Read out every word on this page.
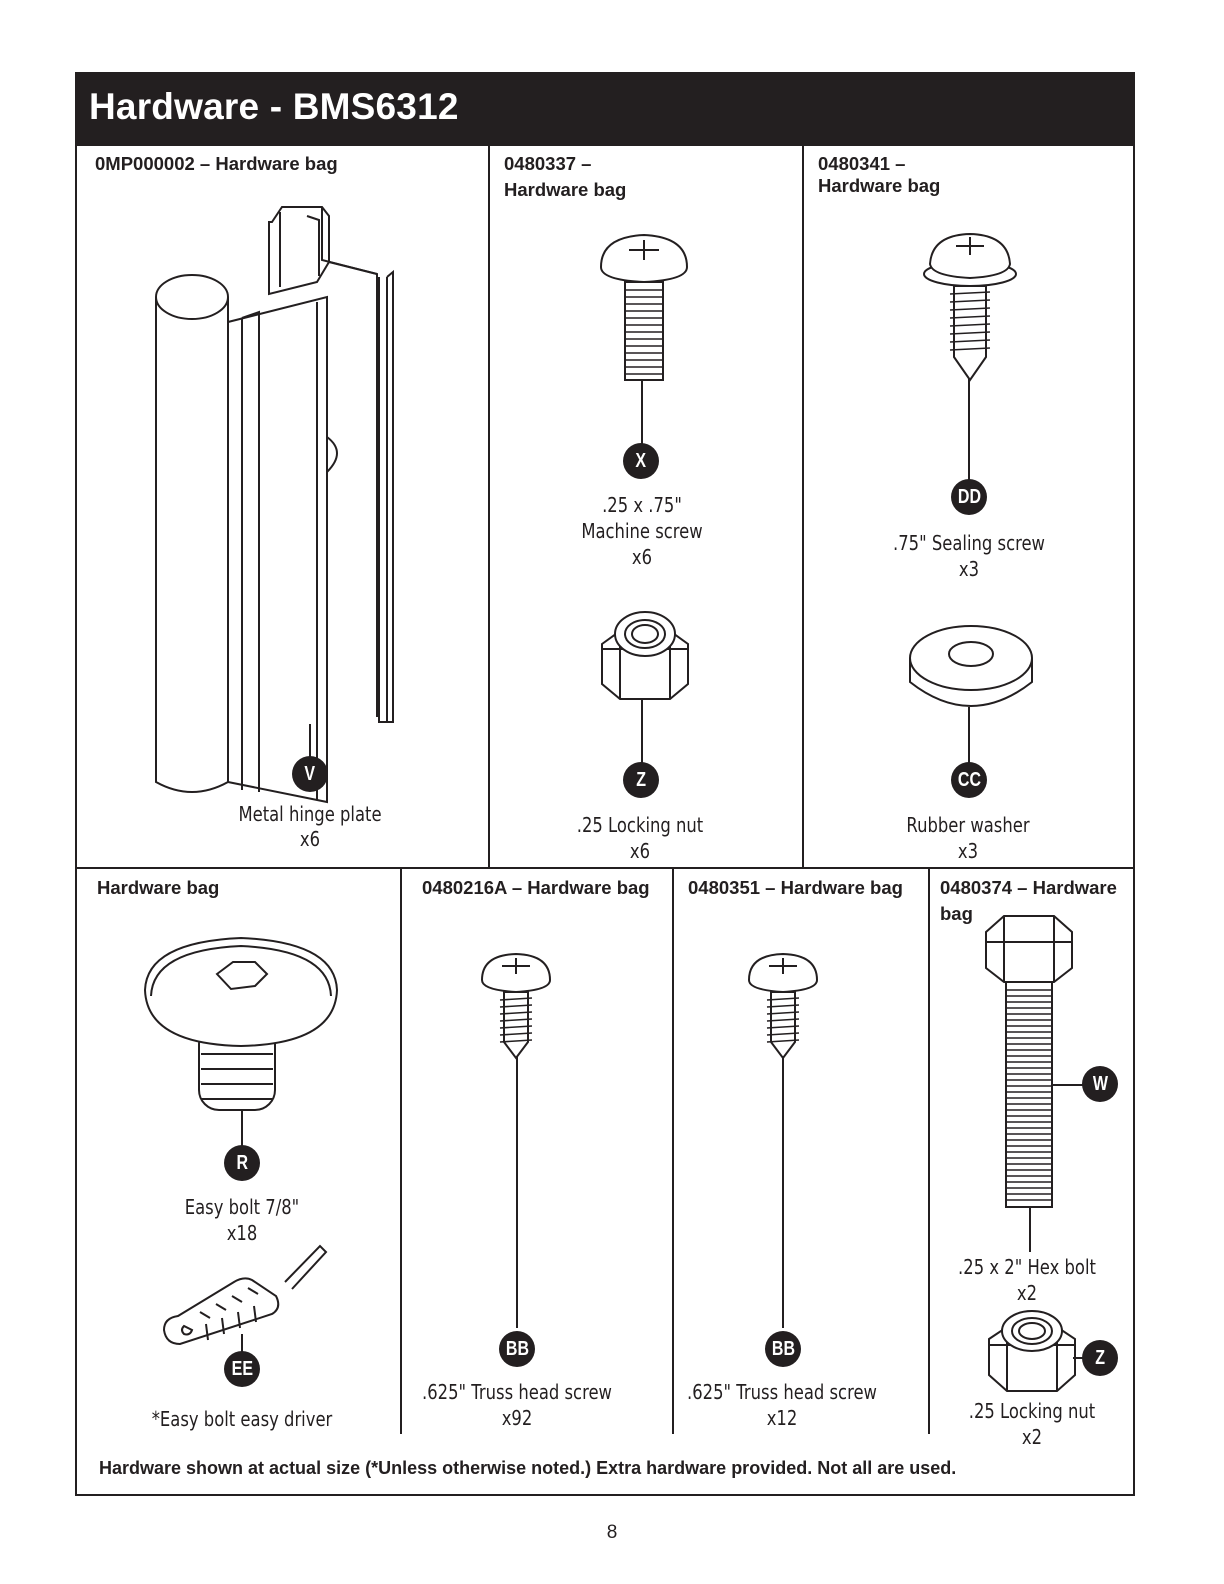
Hardware - BMS6312
0MP000002 – Hardware bag
V
Metal hinge plate
x6
0480337 –
Hardware bag
X
.25 x .75"
Machine screw
x6
Z
.25 Locking nut
x6
0480341 –
Hardware bag
DD
.75" Sealing screw
x3
CC
Rubber washer
x3
Hardware bag
R
Easy bolt 7/8"
x18
EE
*Easy bolt easy driver
0480216A – Hardware bag
BB
.625" Truss head screw
x92
0480351 – Hardware bag
BB
.625" Truss head screw
x12
0480374 – Hardware
bag
W
.25 x 2" Hex bolt
x2
Z
.25 Locking nut
x2
Hardware shown at actual size (*Unless otherwise noted.) Extra hardware provided. Not all are used.
8
